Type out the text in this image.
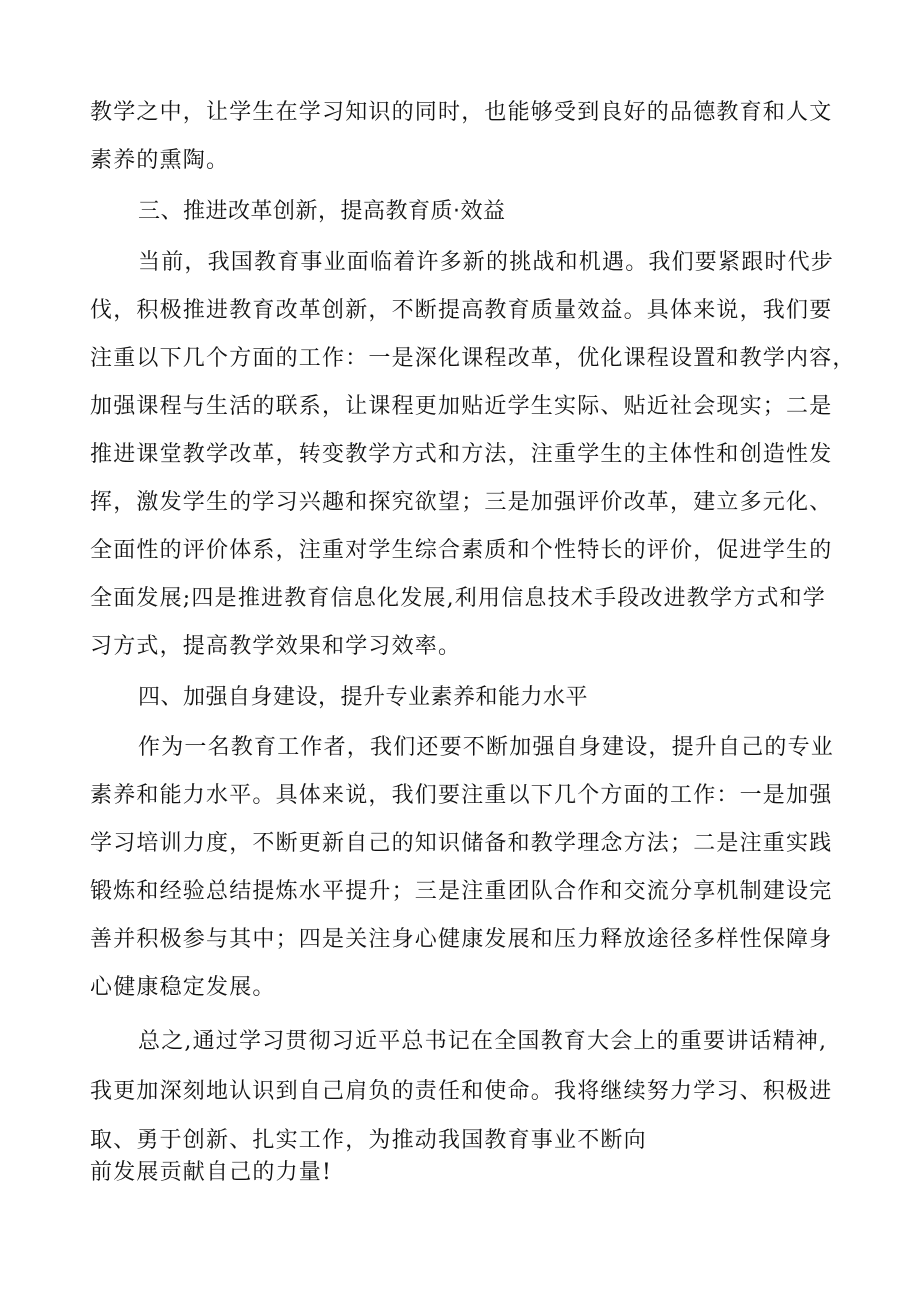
教学之中，让学生在学习知识的同时，也能够受到良好的品德教育和人文
素养的熏陶。
三、推进改革创新，提高教育质·效益
当前，我国教育事业面临着许多新的挑战和机遇。我们要紧跟时代步
伐，积极推进教育改革创新，不断提高教育质量效益。具体来说，我们要
注重以下几个方面的工作：一是深化课程改革，优化课程设置和教学内容，
加强课程与生活的联系，让课程更加贴近学生实际、贴近社会现实；二是
推进课堂教学改革，转变教学方式和方法，注重学生的主体性和创造性发
挥，激发学生的学习兴趣和探究欲望；三是加强评价改革，建立多元化、
全面性的评价体系，注重对学生综合素质和个性特长的评价，促进学生的
全面发展;四是推进教育信息化发展,利用信息技术手段改进教学方式和学
习方式，提高教学效果和学习效率。
四、加强自身建设，提升专业素养和能力水平
作为一名教育工作者，我们还要不断加强自身建设，提升自己的专业
素养和能力水平。具体来说，我们要注重以下几个方面的工作：一是加强
学习培训力度，不断更新自己的知识储备和教学理念方法；二是注重实践
锻炼和经验总结提炼水平提升；三是注重团队合作和交流分享机制建设完
善并积极参与其中；四是关注身心健康发展和压力释放途径多样性保障身
心健康稳定发展。
总之,通过学习贯彻习近平总书记在全国教育大会上的重要讲话精神,
我更加深刻地认识到自己肩负的责任和使命。我将继续努力学习、积极进
取、勇于创新、扎实工作，为推动我国教育事业不断向
前发展贡献自己的力量!
